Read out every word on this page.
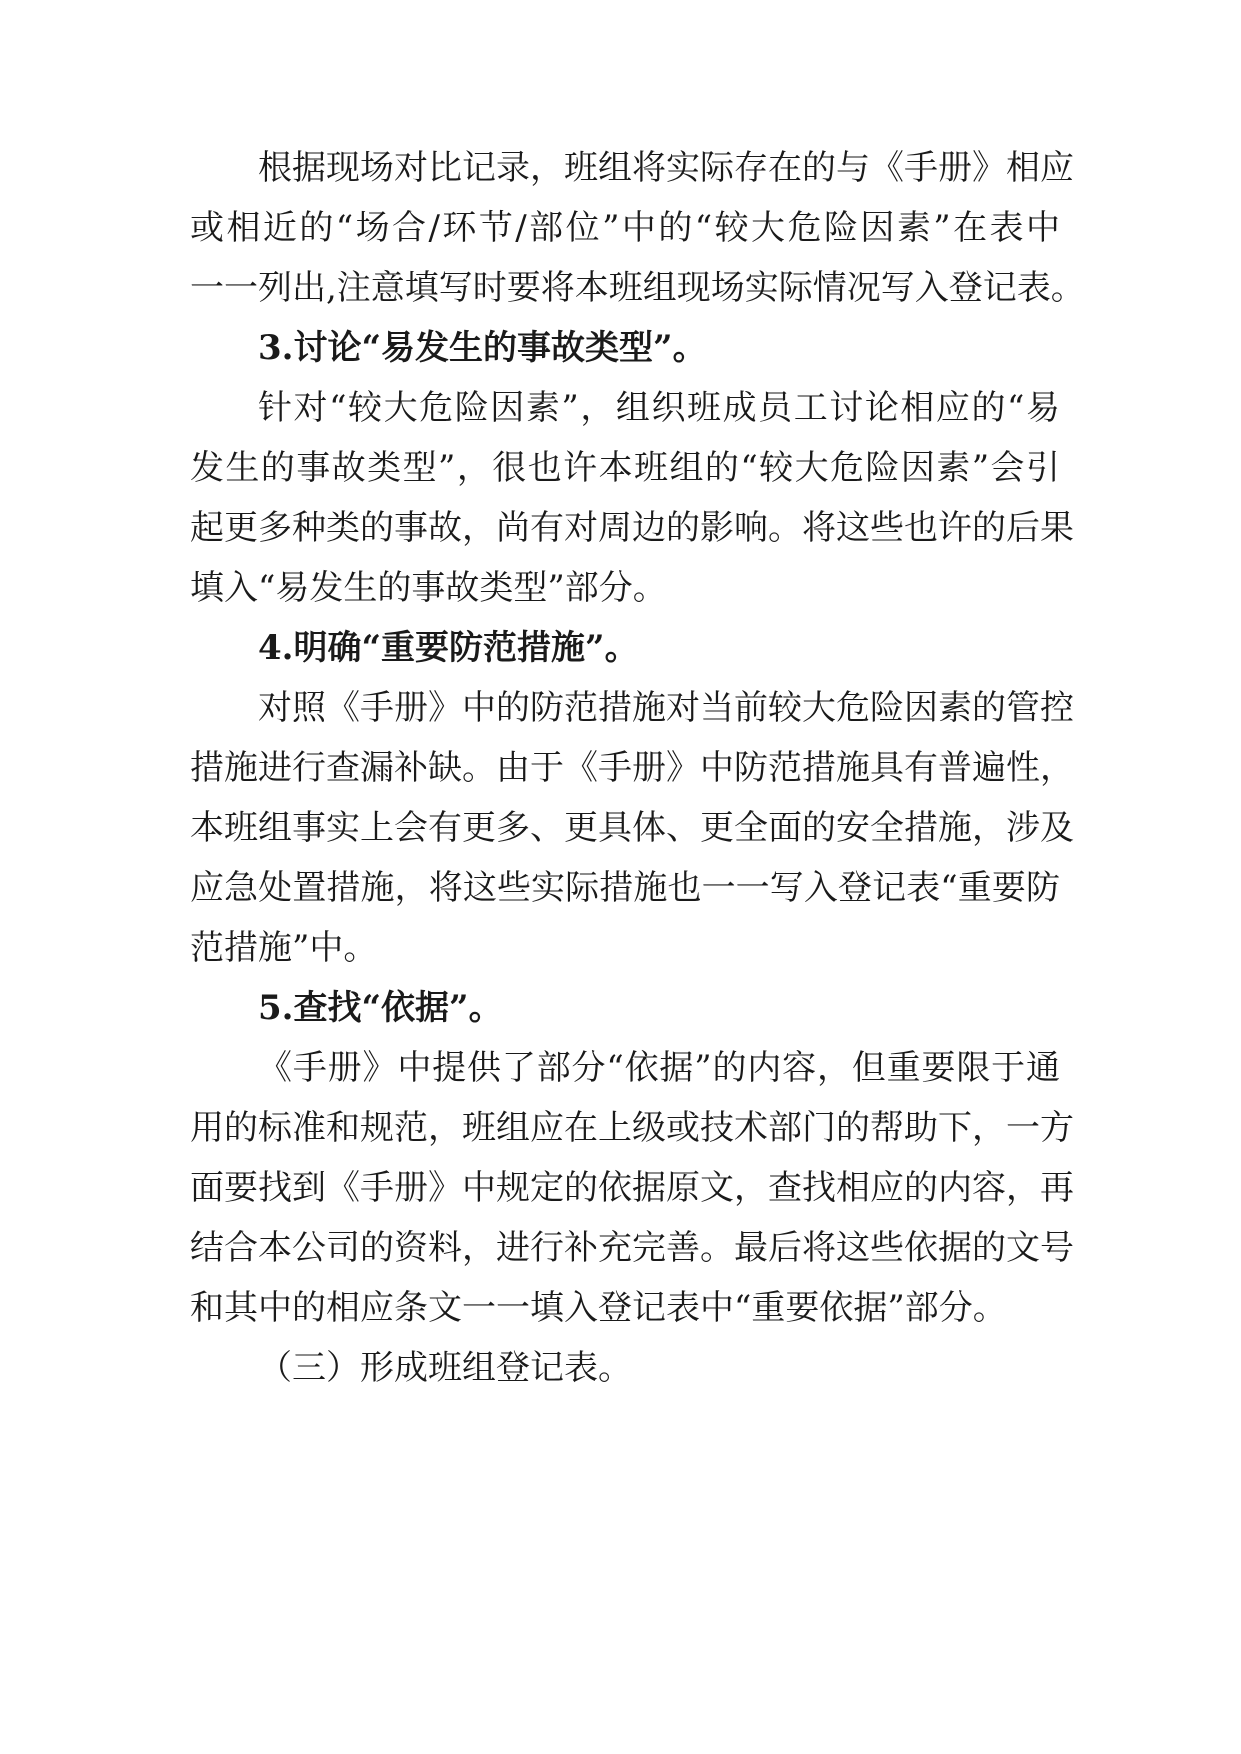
根据现场对比记录，班组将实际存在的与《手册》相应

或相近的“场合/环节/部位”中的“较大危险因素”在表中

一一列出,注意填写时要将本班组现场实际情况写入登记表。

3.讨论“易发生的事故类型”。

针对“较大危险因素”，组织班成员工讨论相应的“易

发生的事故类型”，很也许本班组的“较大危险因素”会引

起更多种类的事故，尚有对周边的影响。将这些也许的后果

填入“易发生的事故类型”部分。

4.明确“重要防范措施”。

对照《手册》中的防范措施对当前较大危险因素的管控

措施进行查漏补缺。由于《手册》中防范措施具有普遍性，

本班组事实上会有更多、更具体、更全面的安全措施，涉及

应急处置措施，将这些实际措施也一一写入登记表“重要防

范措施”中。

5.查找“依据”。

《手册》中提供了部分“依据”的内容，但重要限于通

用的标准和规范，班组应在上级或技术部门的帮助下，一方

面要找到《手册》中规定的依据原文，查找相应的内容，再

结合本公司的资料，进行补充完善。最后将这些依据的文号

和其中的相应条文一一填入登记表中“重要依据”部分。

（三）形成班组登记表。
